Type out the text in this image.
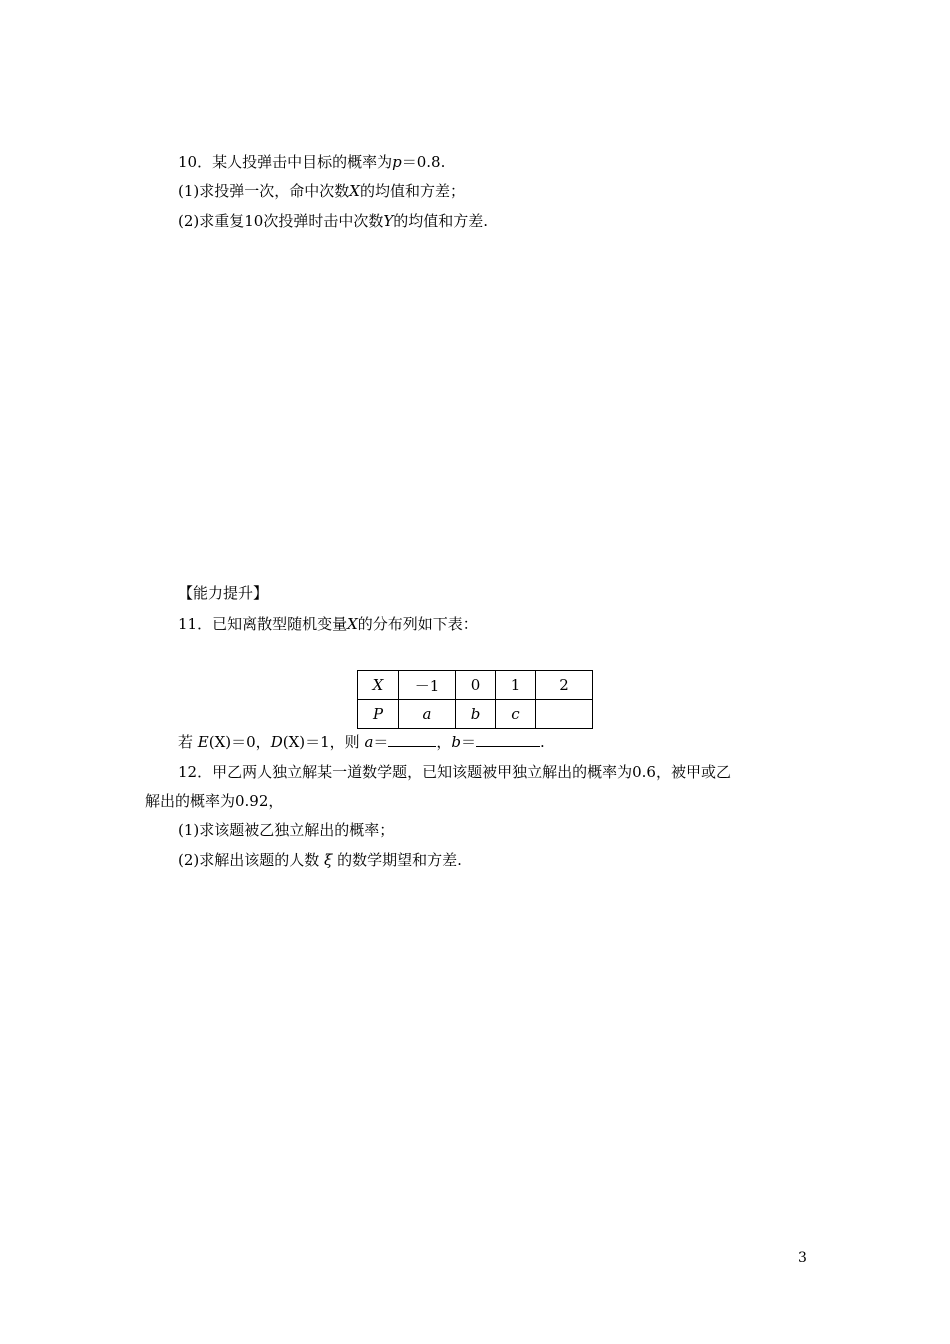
10．某人投弹击中目标的概率为p＝0.8.
(1)求投弹一次，命中次数X的均值和方差；
(2)求重复10次投弹时击中次数Y的均值和方差.
【能力提升】
11．已知离散型随机变量X的分布列如下表：
X	－1	0	1	2
P	a	b	c	
若 E(X)＝0，D(X)＝1，则 a＝	，b＝	.
12．甲乙两人独立解某一道数学题，已知该题被甲独立解出的概率为0.6，被甲或乙
解出的概率为0.92，
(1)求该题被乙独立解出的概率；
(2)求解出该题的人数 ξ 的数学期望和方差.
3
